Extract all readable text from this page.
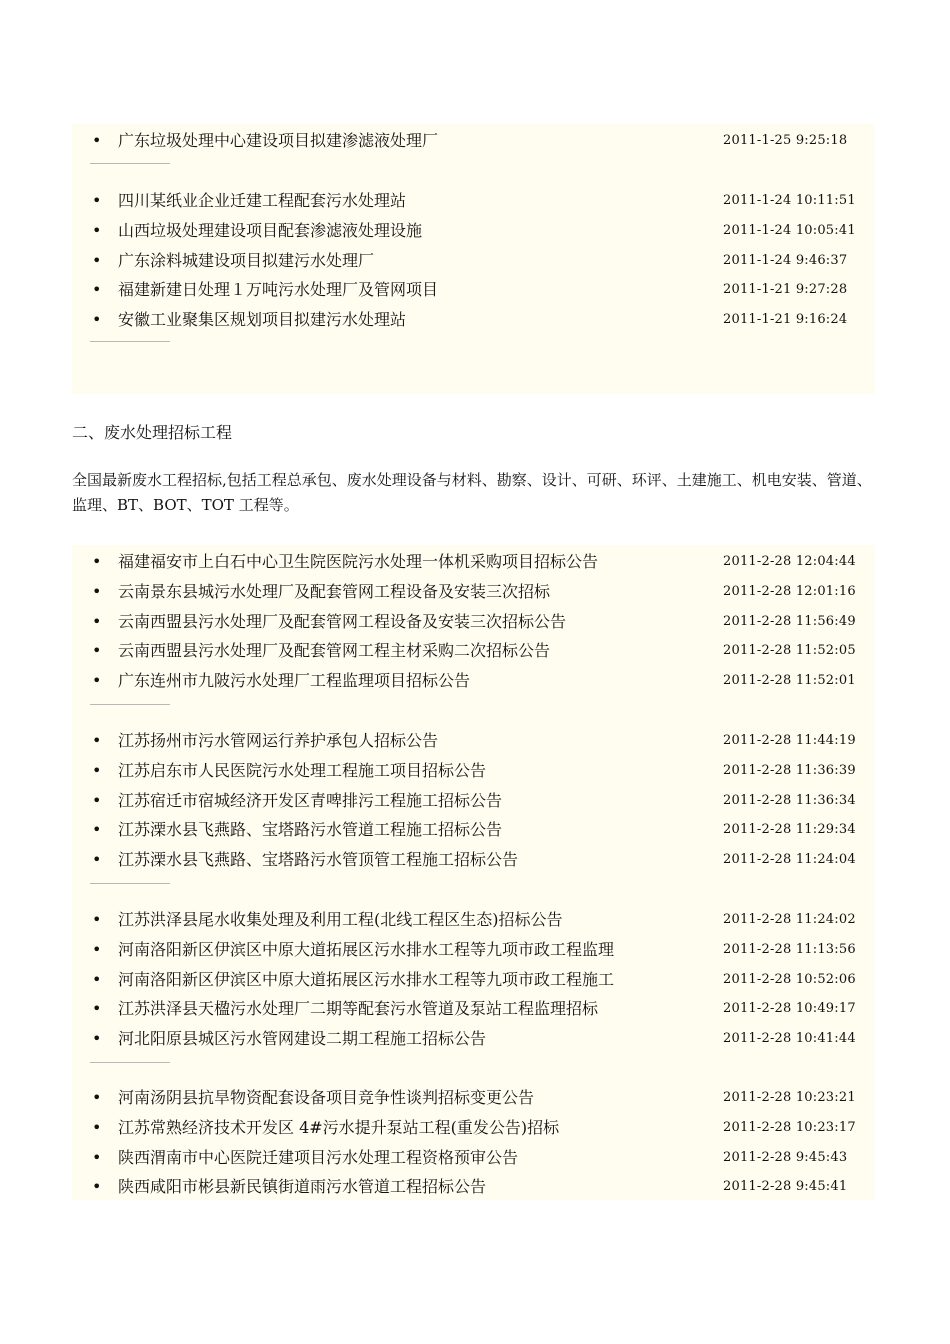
• 广东垃圾处理中心建设项目拟建渗滤液处理厂	2011-1-25 9:25:18
• 四川某纸业企业迁建工程配套污水处理站	2011-1-24 10:11:51
• 山西垃圾处理建设项目配套渗滤液处理设施	2011-1-24 10:05:41
• 广东涂料城建设项目拟建污水处理厂	2011-1-24 9:46:37
• 福建新建日处理１万吨污水处理厂及管网项目	2011-1-21 9:27:28
• 安徽工业聚集区规划项目拟建污水处理站	2011-1-21 9:16:24
二、废水处理招标工程
全国最新废水工程招标,包括工程总承包、废水处理设备与材料、勘察、设计、可研、环评、土建施工、机电安装、管道、监理、BT、BOT、TOT 工程等。
• 福建福安市上白石中心卫生院医院污水处理一体机采购项目招标公告	2011-2-28 12:04:44
• 云南景东县城污水处理厂及配套管网工程设备及安装三次招标	2011-2-28 12:01:16
• 云南西盟县污水处理厂及配套管网工程设备及安装三次招标公告	2011-2-28 11:56:49
• 云南西盟县污水处理厂及配套管网工程主材采购二次招标公告	2011-2-28 11:52:05
• 广东连州市九陂污水处理厂工程监理项目招标公告	2011-2-28 11:52:01
• 江苏扬州市污水管网运行养护承包人招标公告	2011-2-28 11:44:19
• 江苏启东市人民医院污水处理工程施工项目招标公告	2011-2-28 11:36:39
• 江苏宿迁市宿城经济开发区青啤排污工程施工招标公告	2011-2-28 11:36:34
• 江苏溧水县飞燕路、宝塔路污水管道工程施工招标公告	2011-2-28 11:29:34
• 江苏溧水县飞燕路、宝塔路污水管顶管工程施工招标公告	2011-2-28 11:24:04
• 江苏洪泽县尾水收集处理及利用工程(北线工程区生态)招标公告	2011-2-28 11:24:02
• 河南洛阳新区伊滨区中原大道拓展区污水排水工程等九项市政工程监理	2011-2-28 11:13:56
• 河南洛阳新区伊滨区中原大道拓展区污水排水工程等九项市政工程施工	2011-2-28 10:52:06
• 江苏洪泽县天楹污水处理厂二期等配套污水管道及泵站工程监理招标	2011-2-28 10:49:17
• 河北阳原县城区污水管网建设二期工程施工招标公告	2011-2-28 10:41:44
• 河南汤阴县抗旱物资配套设备项目竞争性谈判招标变更公告	2011-2-28 10:23:21
• 江苏常熟经济技术开发区 4#污水提升泵站工程(重发公告)招标	2011-2-28 10:23:17
• 陕西渭南市中心医院迁建项目污水处理工程资格预审公告	2011-2-28 9:45:43
• 陕西咸阳市彬县新民镇街道雨污水管道工程招标公告	2011-2-28 9:45:41
